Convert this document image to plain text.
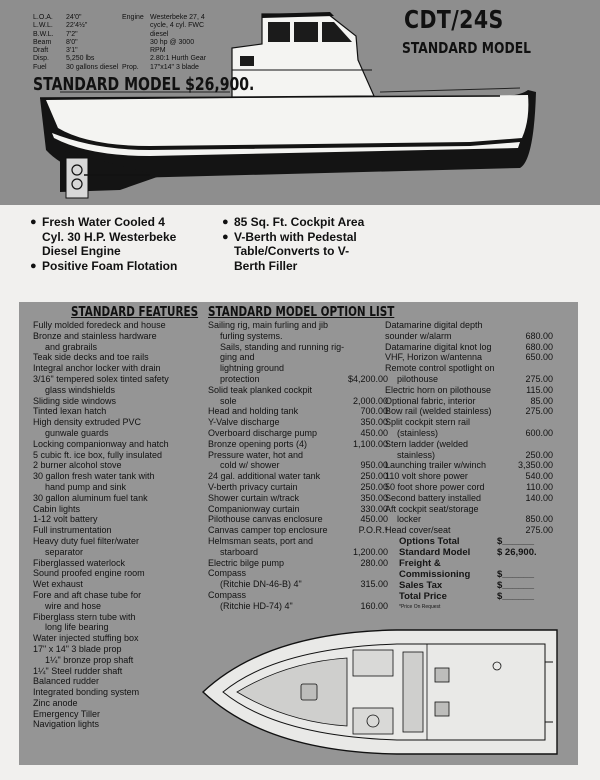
L.O.A.	24'0"	Engine Westerbeke 27, 4
L.W.L.	22'4½"	cycle, 4 cyl. FWC
B.W.L.	7'2"	diesel
Beam	8'0"	30 hp @ 3000
Draft	3'1"	RPM
Disp.	5,250 lbs	2.80:1 Hurth Gear
Fuel	30 gallons diesel Prop.	17"x14" 3 blade
CDT/24S
STANDARD MODEL
STANDARD MODEL $26,900.
● Fresh Water Cooled 4
Cyl. 30 H.P. Westerbeke
Diesel Engine
● Positive Foam Flotation
● 85 Sq. Ft. Cockpit Area
● V-Berth with Pedestal
Table/Converts to V-
Berth Filler
STANDARD FEATURES
Fully molded foredeck and house
Bronze and stainless hardware
and grabrails
Teak side decks and toe rails
Integral anchor locker with drain
3/16" tempered solex tinted safety
glass windshields
Sliding side windows
Tinted lexan hatch
High density extruded PVC
gunwale guards
Locking companionway and hatch
5 cubic ft. ice box, fully insulated
2 burner alcohol stove
30 gallon fresh water tank with
hand pump and sink
30 gallon aluminum fuel tank
Cabin lights
1-12 volt battery
Full instrumentation
Heavy duty fuel filter/water
separator
Fiberglassed waterlock
Sound proofed engine room
Wet exhaust
Fore and aft chase tube for
wire and hose
Fiberglass stern tube with
long life bearing
Water injected stuffing box
17" x 14" 3 blade prop
1¼" bronze prop shaft
1¼" Steel rudder shaft
Balanced rudder
Integrated bonding system
Zinc anode
Emergency Tiller
Navigation lights
STANDARD MODEL OPTION LIST
Sailing rig, main furling and jib
furling systems.
Sails, standing and running rig-
ging and
lightning ground
protection	$4,200.00
Solid teak planked cockpit
sole	2,000.00
Head and holding tank	700.00
Y-Valve discharge	350.00
Overboard discharge pump	450.00
Bronze opening ports (4)	1,100.00
Pressure water, hot and
cold w/ shower	950.00
24 gal. additional water tank	250.00
V-berth privacy curtain	250.00
Shower curtain w/track	350.00
Companionway curtain	330.00
Pilothouse canvas enclosure	450.00
Canvas camper top enclosure	P.O.R.*
Helmsman seats, port and
starboard	1,200.00
Electric bilge pump	280.00
Compass
(Ritchie DN-46-B) 4"	315.00
Compass
(Ritchie HD-74) 4"	160.00
Datamarine digital depth
sounder w/alarm	680.00
Datamarine digital knot log	680.00
VHF, Horizon w/antenna	650.00
Remote control spotlight on
pilothouse	275.00
Electric horn on pilothouse	115.00
Optional fabric, interior	85.00
Bow rail (welded stainless)	275.00
Split cockpit stern rail
(stainless)	600.00
Stern ladder (welded
stainless)	250.00
Launching trailer w/winch	3,350.00
110 volt shore power	540.00
50 foot shore power cord	110.00
Second battery installed	140.00
Aft cockpit seat/storage
locker	850.00
Head cover/seat	275.00
Options Total	$______
Standard Model	$ 26,900.
Freight &
Commissioning	$______
Sales Tax	$______
Total Price	$______
*Price On Request
